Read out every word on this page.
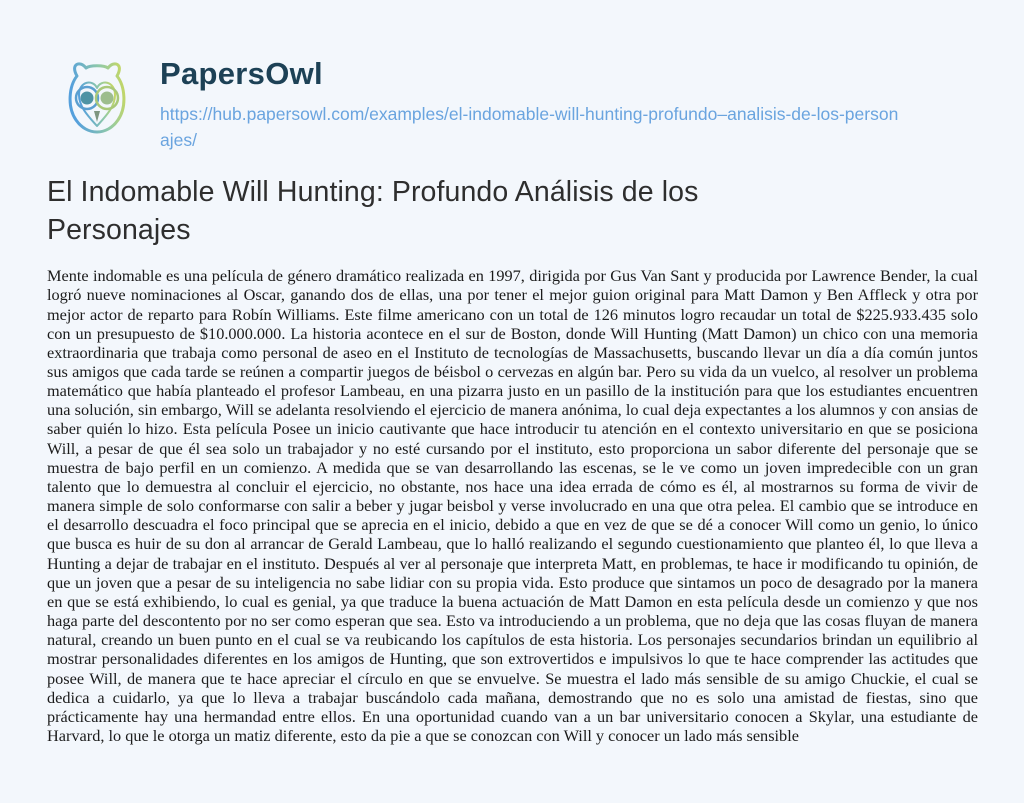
PapersOwl
https://hub.papersowl.com/examples/el-indomable-will-hunting-profundo–analisis-de-los-personajes/
El Indomable Will Hunting: Profundo Análisis de los Personajes

Mente indomable es una película de género dramático realizada en 1997, dirigida por Gus Van Sant y producida por Lawrence Bender, la cual logró nueve nominaciones al Oscar, ganando dos de ellas, una por tener el mejor guion original para Matt Damon y Ben Affleck y otra por mejor actor de reparto para Robín Williams. Este filme americano con un total de 126 minutos logro recaudar un total de $225.933.435 solo con un presupuesto de $10.000.000. La historia acontece en el sur de Boston, donde Will Hunting (Matt Damon) un chico con una memoria extraordinaria que trabaja como personal de aseo en el Instituto de tecnologías de Massachusetts, buscando llevar un día a día común juntos sus amigos que cada tarde se reúnen a compartir juegos de béisbol o cervezas en algún bar. Pero su vida da un vuelco, al resolver un problema matemático que había planteado el profesor Lambeau, en una pizarra justo en un pasillo de la institución para que los estudiantes encuentren una solución, sin embargo, Will se adelanta resolviendo el ejercicio de manera anónima, lo cual deja expectantes a los alumnos y con ansias de saber quién lo hizo. Esta película Posee un inicio cautivante que hace introducir tu atención en el contexto universitario en que se posiciona Will, a pesar de que él sea solo un trabajador y no esté cursando por el instituto, esto proporciona un sabor diferente del personaje que se muestra de bajo perfil en un comienzo. A medida que se van desarrollando las escenas, se le ve como un joven impredecible con un gran talento que lo demuestra al concluir el ejercicio, no obstante, nos hace una idea errada de cómo es él, al mostrarnos su forma de vivir de manera simple de solo conformarse con salir a beber y jugar beisbol y verse involucrado en una que otra pelea. El cambio que se introduce en el desarrollo descuadra el foco principal que se aprecia en el inicio, debido a que en vez de que se dé a conocer Will como un genio, lo único que busca es huir de su don al arrancar de Gerald Lambeau, que lo halló realizando el segundo cuestionamiento que planteo él, lo que lleva a Hunting a dejar de trabajar en el instituto. Después al ver al personaje que interpreta Matt, en problemas, te hace ir modificando tu opinión, de que un joven que a pesar de su inteligencia no sabe lidiar con su propia vida. Esto produce que sintamos un poco de desagrado por la manera en que se está exhibiendo, lo cual es genial, ya que traduce la buena actuación de Matt Damon en esta película desde un comienzo y que nos haga parte del descontento por no ser como esperan que sea. Esto va introduciendo a un problema, que no deja que las cosas fluyan de manera natural, creando un buen punto en el cual se va reubicando los capítulos de esta historia. Los personajes secundarios brindan un equilibrio al mostrar personalidades diferentes en los amigos de Hunting, que son extrovertidos e impulsivos lo que te hace comprender las actitudes que posee Will, de manera que te hace apreciar el círculo en que se envuelve. Se muestra el lado más sensible de su amigo Chuckie, el cual se dedica a cuidarlo, ya que lo lleva a trabajar buscándolo cada mañana, demostrando que no es solo una amistad de fiestas, sino que prácticamente hay una hermandad entre ellos. En una oportunidad cuando van a un bar universitario conocen a Skylar, una estudiante de Harvard, lo que le otorga un matiz diferente, esto da pie a que se conozcan con Will y conocer un lado más sensible
